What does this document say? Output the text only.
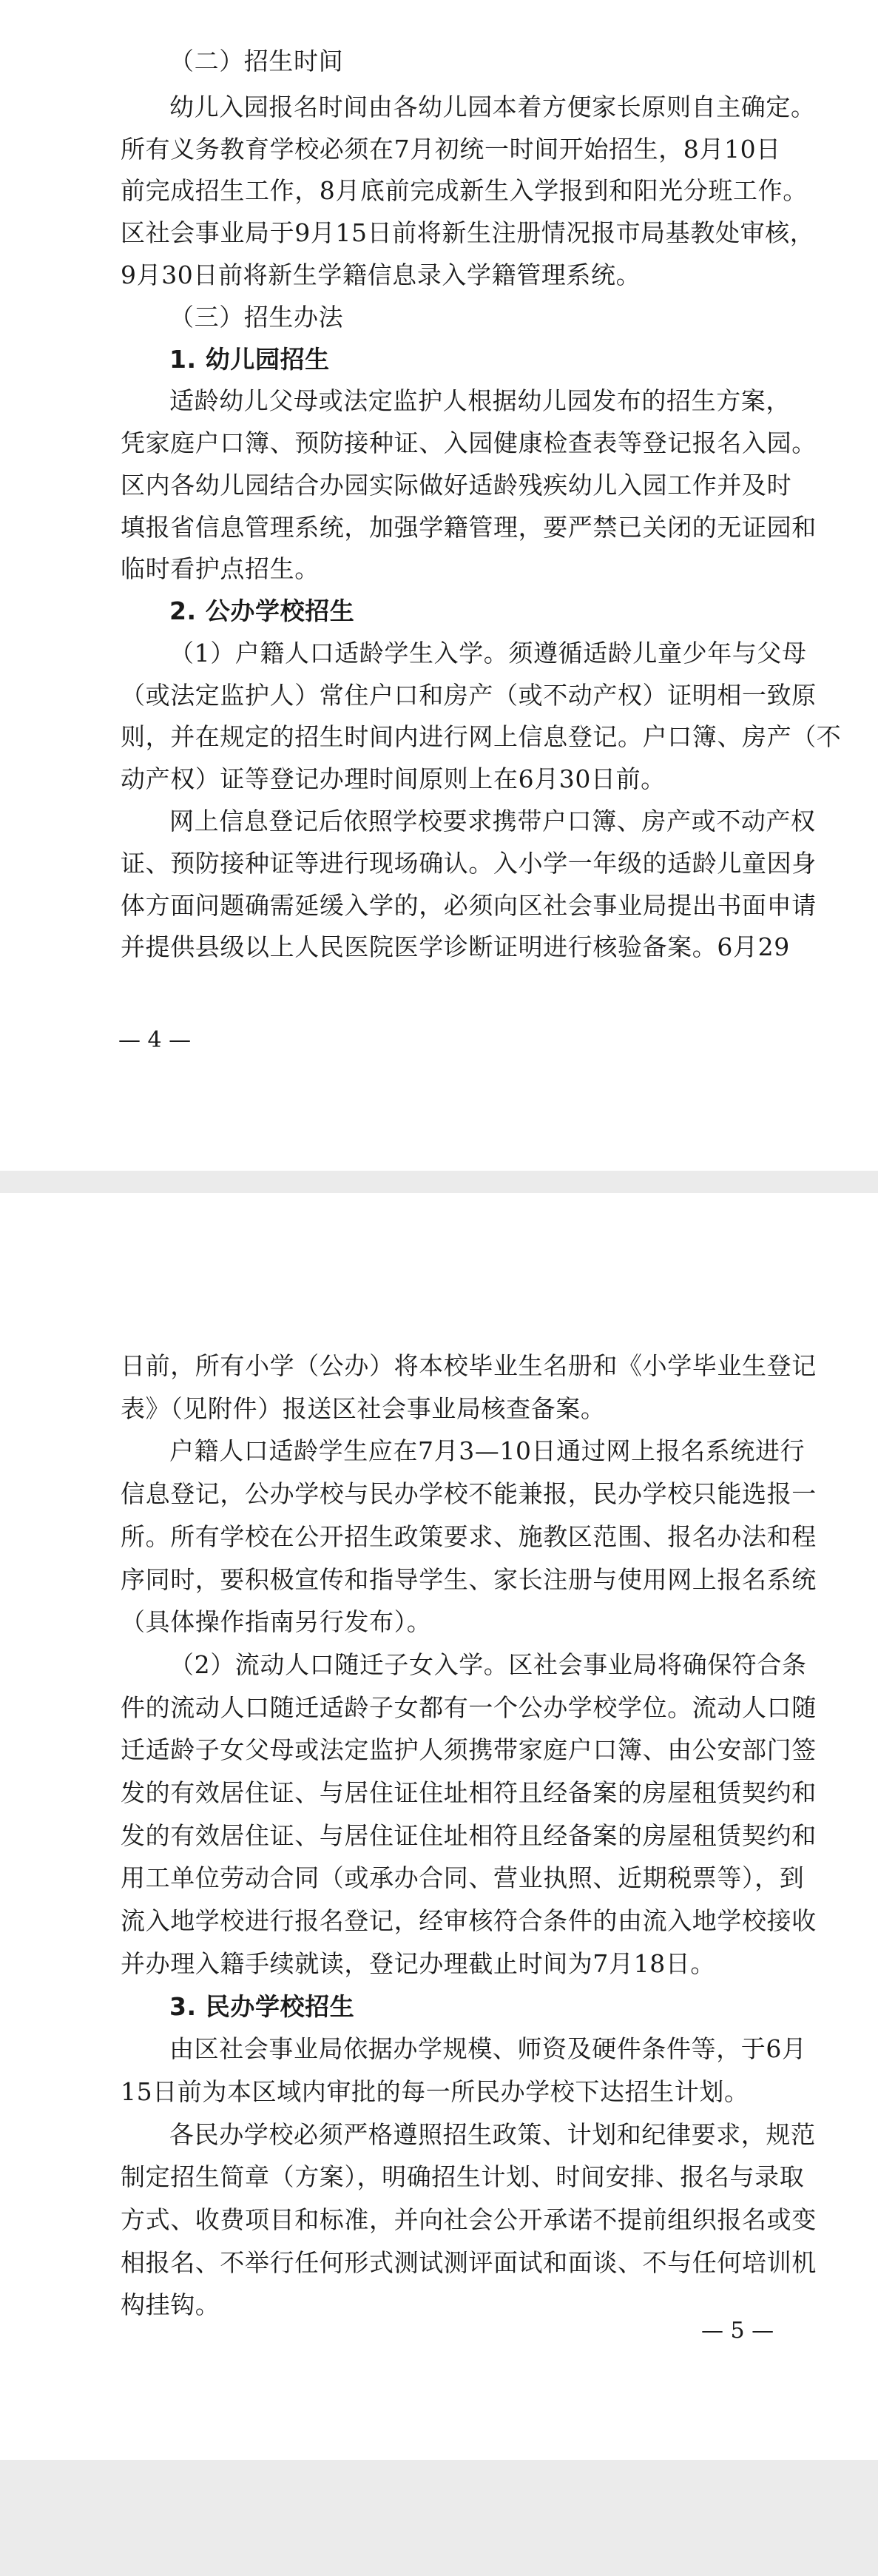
（二）招生时间
幼儿入园报名时间由各幼儿园本着方便家长原则自主确定。
所有义务教育学校必须在7月初统一时间开始招生，8月10日
前完成招生工作，8月底前完成新生入学报到和阳光分班工作。
区社会事业局于9月15日前将新生注册情况报市局基教处审核，
9月30日前将新生学籍信息录入学籍管理系统。
（三）招生办法
1. 幼儿园招生
适龄幼儿父母或法定监护人根据幼儿园发布的招生方案，
凭家庭户口簿、预防接种证、入园健康检查表等登记报名入园。
区内各幼儿园结合办园实际做好适龄残疾幼儿入园工作并及时
填报省信息管理系统，加强学籍管理，要严禁已关闭的无证园和
临时看护点招生。
2. 公办学校招生
（1）户籍人口适龄学生入学。须遵循适龄儿童少年与父母
（或法定监护人）常住户口和房产（或不动产权）证明相一致原
则，并在规定的招生时间内进行网上信息登记。户口簿、房产（不
动产权）证等登记办理时间原则上在6月30日前。
网上信息登记后依照学校要求携带户口簿、房产或不动产权
证、预防接种证等进行现场确认。入小学一年级的适龄儿童因身
体方面问题确需延缓入学的，必须向区社会事业局提出书面申请
并提供县级以上人民医院医学诊断证明进行核验备案。6月29
— 4 —
日前，所有小学（公办）将本校毕业生名册和《小学毕业生登记
表》（见附件）报送区社会事业局核查备案。
户籍人口适龄学生应在7月3—10日通过网上报名系统进行
信息登记，公办学校与民办学校不能兼报，民办学校只能选报一
所。所有学校在公开招生政策要求、施教区范围、报名办法和程
序同时，要积极宣传和指导学生、家长注册与使用网上报名系统
（具体操作指南另行发布）。
（2）流动人口随迁子女入学。区社会事业局将确保符合条
件的流动人口随迁适龄子女都有一个公办学校学位。流动人口随
迁适龄子女父母或法定监护人须携带家庭户口簿、由公安部门签
发的有效居住证、与居住证住址相符且经备案的房屋租赁契约和
发的有效居住证、与居住证住址相符且经备案的房屋租赁契约和
用工单位劳动合同（或承办合同、营业执照、近期税票等），到
流入地学校进行报名登记，经审核符合条件的由流入地学校接收
并办理入籍手续就读，登记办理截止时间为7月18日。
3. 民办学校招生
由区社会事业局依据办学规模、师资及硬件条件等，于6月
15日前为本区域内审批的每一所民办学校下达招生计划。
各民办学校必须严格遵照招生政策、计划和纪律要求，规范
制定招生简章（方案），明确招生计划、时间安排、报名与录取
方式、收费项目和标准，并向社会公开承诺不提前组织报名或变
相报名、不举行任何形式测试测评面试和面谈、不与任何培训机
构挂钩。
— 5 —
